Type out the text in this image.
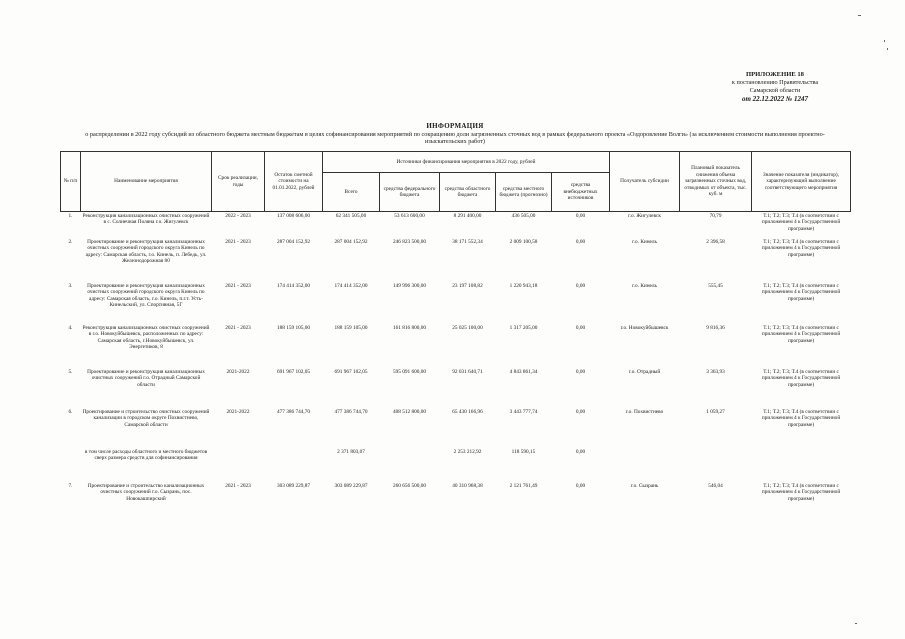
ПРИЛОЖЕНИЕ 18
к постановлению Правительства
Самарской области
от 22.12.2022 № 1247
ИНФОРМАЦИЯ
о распределении в 2022 году субсидий из областного бюджета местным бюджетам в целях софинансирования мероприятий по сокращению доли загрязненных сточных вод в рамках федерального проекта «Оздоровление Волги» (за исключением стоимости выполнения проектно-
изыскательских работ)
№ п/п	Наименование мероприятия	Срок реализации, годы	Остаток сметной стоимости на 01.01.2022, рублей	Источники финансирования мероприятия в 2022 году, рублей					Получатель субсидии	Плановый показатель снижения объема загрязненных сточных вод, отводимых от объекта, тыс. куб. м	Значение показателя (индикатор), характеризующий выполнение соответствующего мероприятия
				Всего	средства федерального бюджета	средства областного бюджета	средства местного бюджета (прогнозно)	средства внебюджетных источников			
1.	Реконструкция канализационных очистных сооружений в с. Солнечная Поляна г.о. Жигулевск	2022 - 2023	137 008 606,00	62 341 505,00	53 613 600,00	8 291 400,00	436 505,00	0,00	г.о. Жигулевск	70,79	Т.1; Т.2; Т.3; Т.4 (в соответствии с приложением 4 к Государственной программе)
2.	Проектирование и реконструкция канализационных очистных сооружений городского округа Кинель по адресу: Самарская область, г.о. Кинель, п. Лебедь, ул. Железнодорожная 80	2021 - 2023	287 004 152,92	287 004 152,92	246 823 500,00	38 171 552,34	2 009 100,58	0,00	г.о. Кинель	2 396,58	Т.1; Т.2; Т.3; Т.4 (в соответствии с приложением 4 к Государственной программе)
3.	Проектирование и реконструкция канализационных очистных сооружений городского округа Кинель по адресу: Самарская область, г.о. Кинель, п.г.т. Усть-Кинельский, ул. Спортивная, 5Г	2021 - 2023	174 414 352,00	174 414 352,00	149 996 300,00	23 197 108,82	1 220 943,18	0,00	г.о. Кинель	555,45	Т.1; Т.2; Т.3; Т.4 (в соответствии с приложением 4 к Государственной программе)
4.	Реконструкция канализационных очистных сооружений в г.о. Новокуйбышевск, расположенных по адресу: Самарская область, г.Новокуйбышевск, ул. Энергетиков, 8	2021 - 2023	188 159 105,00	188 159 105,00	161 816 800,00	25 025 100,00	1 317 205,00	0,00	г.о. Новокуйбышевск	9 816,36	Т.1; Т.2; Т.3; Т.4 (в соответствии с приложением 4 к Государственной программе)
5.	Проектирование и реконструкция канализационных очистных сооружений г.о. Отрадный Самарской области	2021-2022	691 967 102,05	691 967 102,05	595 091 600,00	92 031 640,71	4 843 861,34	0,00	г.о. Отрадный	3 363,93	Т.1; Т.2; Т.3; Т.4 (в соответствии с приложением 4 к Государственной программе)
6.	Проектирование и строительство очистных сооружений канализации в городском округе Похвистнево, Самарской области	2021-2022	477 386 744,70	477 386 744,70	408 512 800,00	65 430 166,96	3 443 777,74	0,00	г.о. Похвистнево	1 059,27	Т.1; Т.2; Т.3; Т.4 (в соответствии с приложением 4 к Государственной программе)
	в том числе расходы областного и местного бюджетов сверх размера средств для софинансирования			2 371 803,07		2 253 212,92	118 590,15	0,00			
7.	Проектирование и строительство канализационных очистных сооружений г.о. Сызрань, пос. Новокашпирский	2021 - 2023	303 089 229,87	303 089 229,87	260 656 500,00	40 310 968,38	2 121 761,49	0,00	г.о. Сызрань	546,04	Т.1; Т.2; Т.3; Т.4 (в соответствии с приложением 4 к Государственной программе)
